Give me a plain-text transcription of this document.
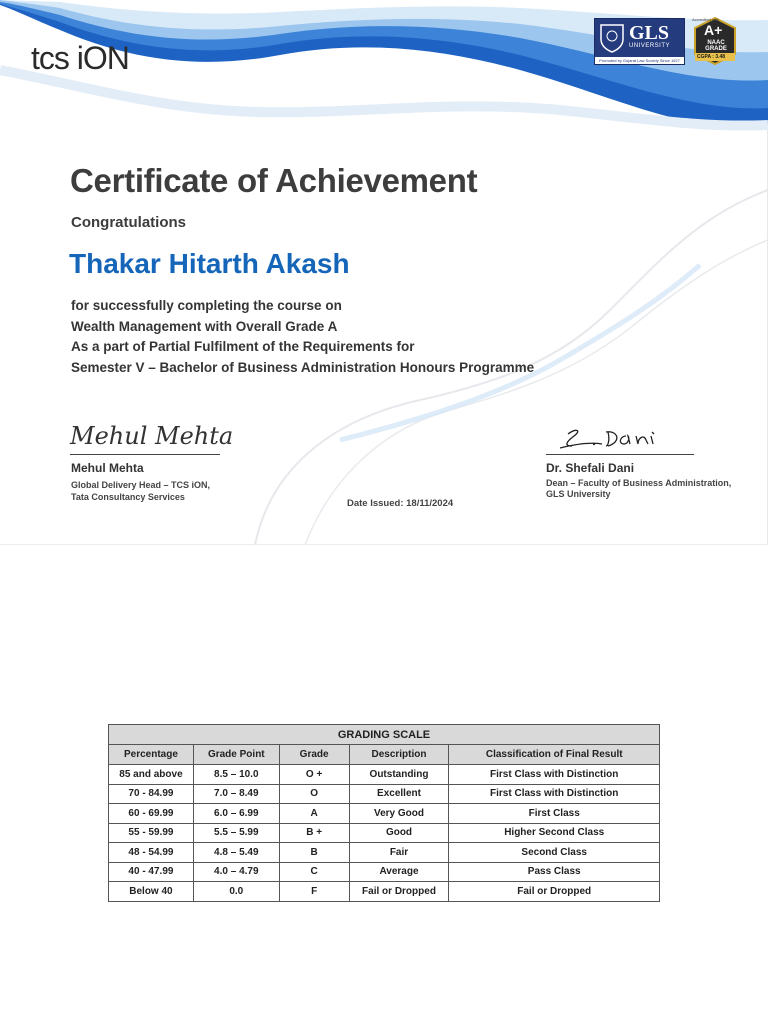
tcs iON
GLS
UNIVERSITY
Promoted by Gujarat Law Society Since 1927
Accredited with
A+
NAAC GRADE
CGPA : 3.48
Certificate of Achievement
Congratulations
Thakar Hitarth Akash
for successfully completing the course on
Wealth Management with Overall Grade A
As a part of Partial Fulfilment of the Requirements for
Semester V – Bachelor of Business Administration Honours Programme
Mehul Mehta
Mehul Mehta
Global Delivery Head – TCS iON,
Tata Consultancy Services
Dr. Shefali Dani
Dean – Faculty of Business Administration,
GLS University
Date Issued: 18/11/2024
GRADING SCALE				
Percentage	Grade Point	Grade	Description	Classification of Final Result
85 and above	8.5 – 10.0	O +	Outstanding	First Class with Distinction
70 - 84.99	7.0 – 8.49	O	Excellent	First Class with Distinction
60 - 69.99	6.0 – 6.99	A	Very Good	First Class
55 - 59.99	5.5 – 5.99	B +	Good	Higher Second Class
48 - 54.99	4.8 – 5.49	B	Fair	Second Class
40 - 47.99	4.0 – 4.79	C	Average	Pass Class
Below 40	0.0	F	Fail or Dropped	Fail or Dropped
